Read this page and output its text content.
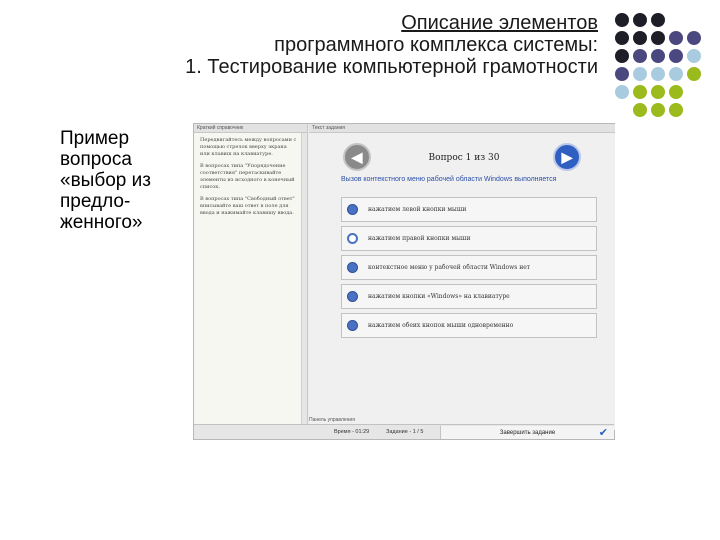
Описание элементов
программного комплекса системы:
1. Тестирование компьютерной грамотности
Пример
вопроса
«выбор из
предло-
женного»
Краткий справочник

Передвигайтесь между вопросами с помощью стрелок вверху экрана или клавиш на клавиатуре.

В вопросах типа "Упорядочение соответствия" перетаскивайте элементы из исходного в конечный список.

В вопросах типа "Свободный ответ" вписывайте ваш ответ в поле для ввода и нажимайте клавишу ввода.

Текст задания
◀	Вопрос 1 из 30	▶
Вызов контекстного меню рабочей области Windows выполняется
нажатием левой кнопки мыши
нажатием правой кнопки мыши
контекстное меню у рабочей области Windows нет
нажатием кнопки «Windows» на клавиатуре
нажатием обеих кнопок мыши одновременно
Панель управления
Время - 01:29	Задание - 1 / 5	Завершить задание	✔
